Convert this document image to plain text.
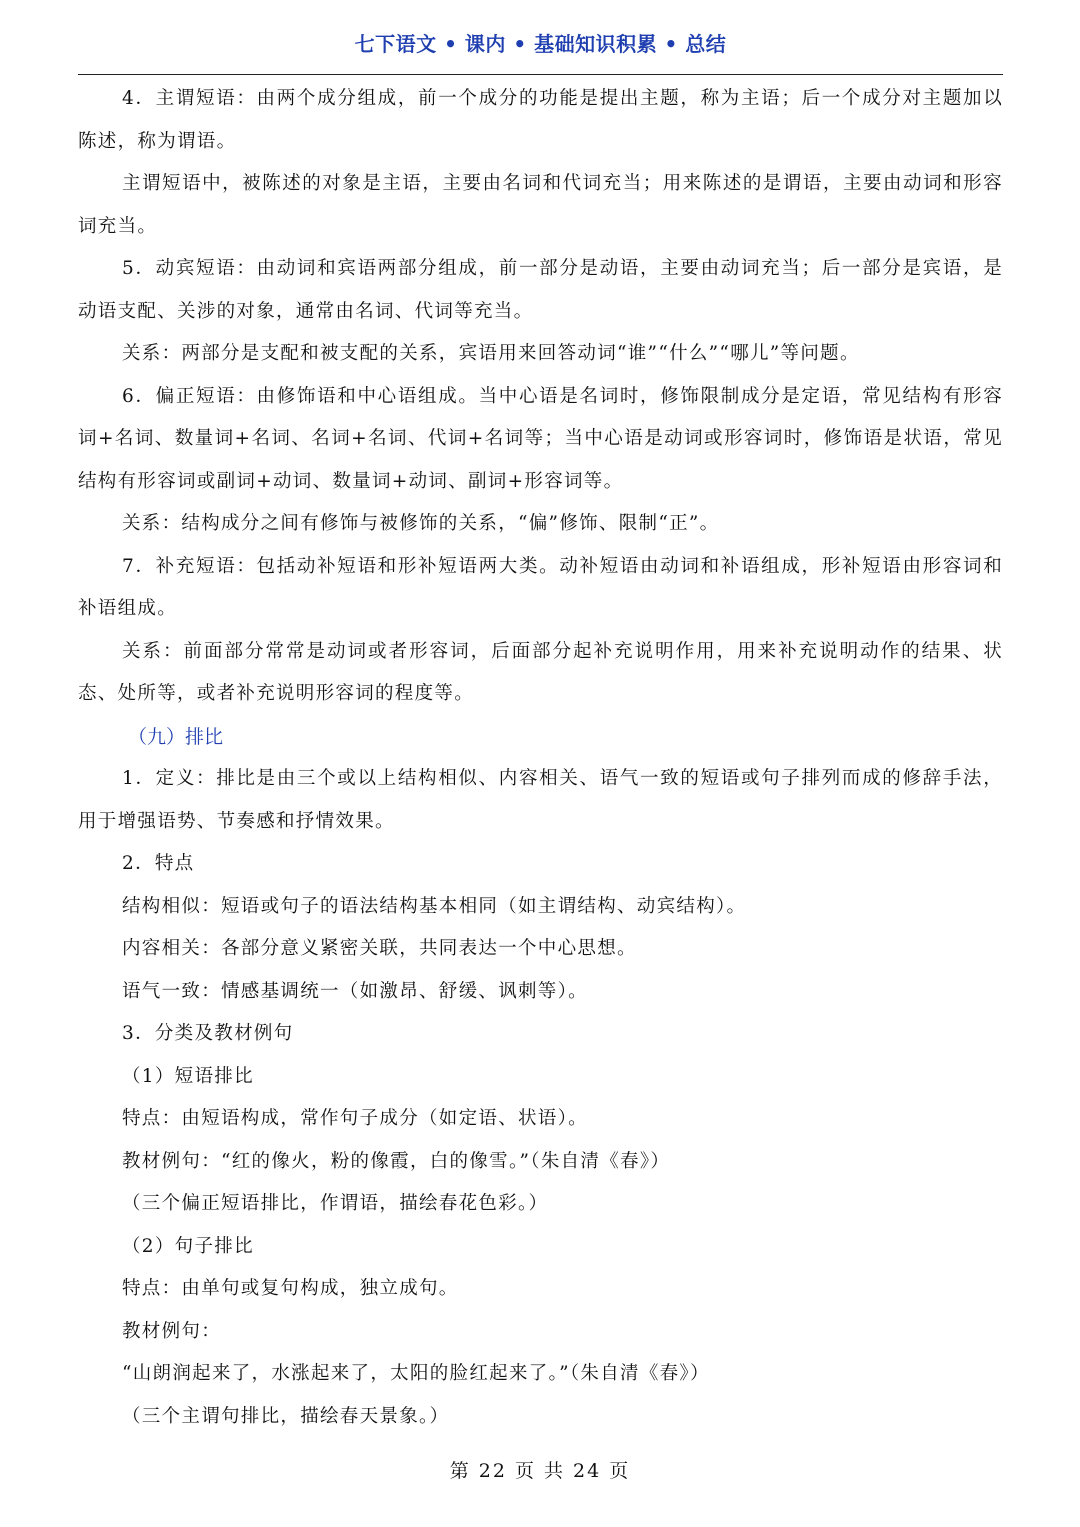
七下语文 • 课内 • 基础知识积累 • 总结

4．主谓短语：由两个成分组成，前一个成分的功能是提出主题，称为主语；后一个成分对主题加以陈述，称为谓语。

主谓短语中，被陈述的对象是主语，主要由名词和代词充当；用来陈述的是谓语，主要由动词和形容词充当。

5．动宾短语：由动词和宾语两部分组成，前一部分是动语，主要由动词充当；后一部分是宾语，是动语支配、关涉的对象，通常由名词、代词等充当。

关系：两部分是支配和被支配的关系，宾语用来回答动词“谁”“什么”“哪儿”等问题。

6．偏正短语：由修饰语和中心语组成。当中心语是名词时，修饰限制成分是定语，常见结构有形容词+名词、数量词+名词、名词+名词、代词+名词等；当中心语是动词或形容词时，修饰语是状语，常见结构有形容词或副词+动词、数量词+动词、副词+形容词等。

关系：结构成分之间有修饰与被修饰的关系，“偏”修饰、限制“正”。

7．补充短语：包括动补短语和形补短语两大类。动补短语由动词和补语组成，形补短语由形容词和补语组成。

关系：前面部分常常是动词或者形容词，后面部分起补充说明作用，用来补充说明动作的结果、状态、处所等，或者补充说明形容词的程度等。

（九）排比

1．定义：排比是由三个或以上结构相似、内容相关、语气一致的短语或句子排列而成的修辞手法，用于增强语势、节奏感和抒情效果。

2．特点

结构相似：短语或句子的语法结构基本相同（如主谓结构、动宾结构）。

内容相关：各部分意义紧密关联，共同表达一个中心思想。

语气一致：情感基调统一（如激昂、舒缓、讽刺等）。

3．分类及教材例句

（1）短语排比

特点：由短语构成，常作句子成分（如定语、状语）。

教材例句：“红的像火，粉的像霞，白的像雪。”（朱自清《春》）

（三个偏正短语排比，作谓语，描绘春花色彩。）

（2）句子排比

特点：由单句或复句构成，独立成句。

教材例句：

“山朗润起来了，水涨起来了，太阳的脸红起来了。”（朱自清《春》）

（三个主谓句排比，描绘春天景象。）

第 22 页 共 24 页
